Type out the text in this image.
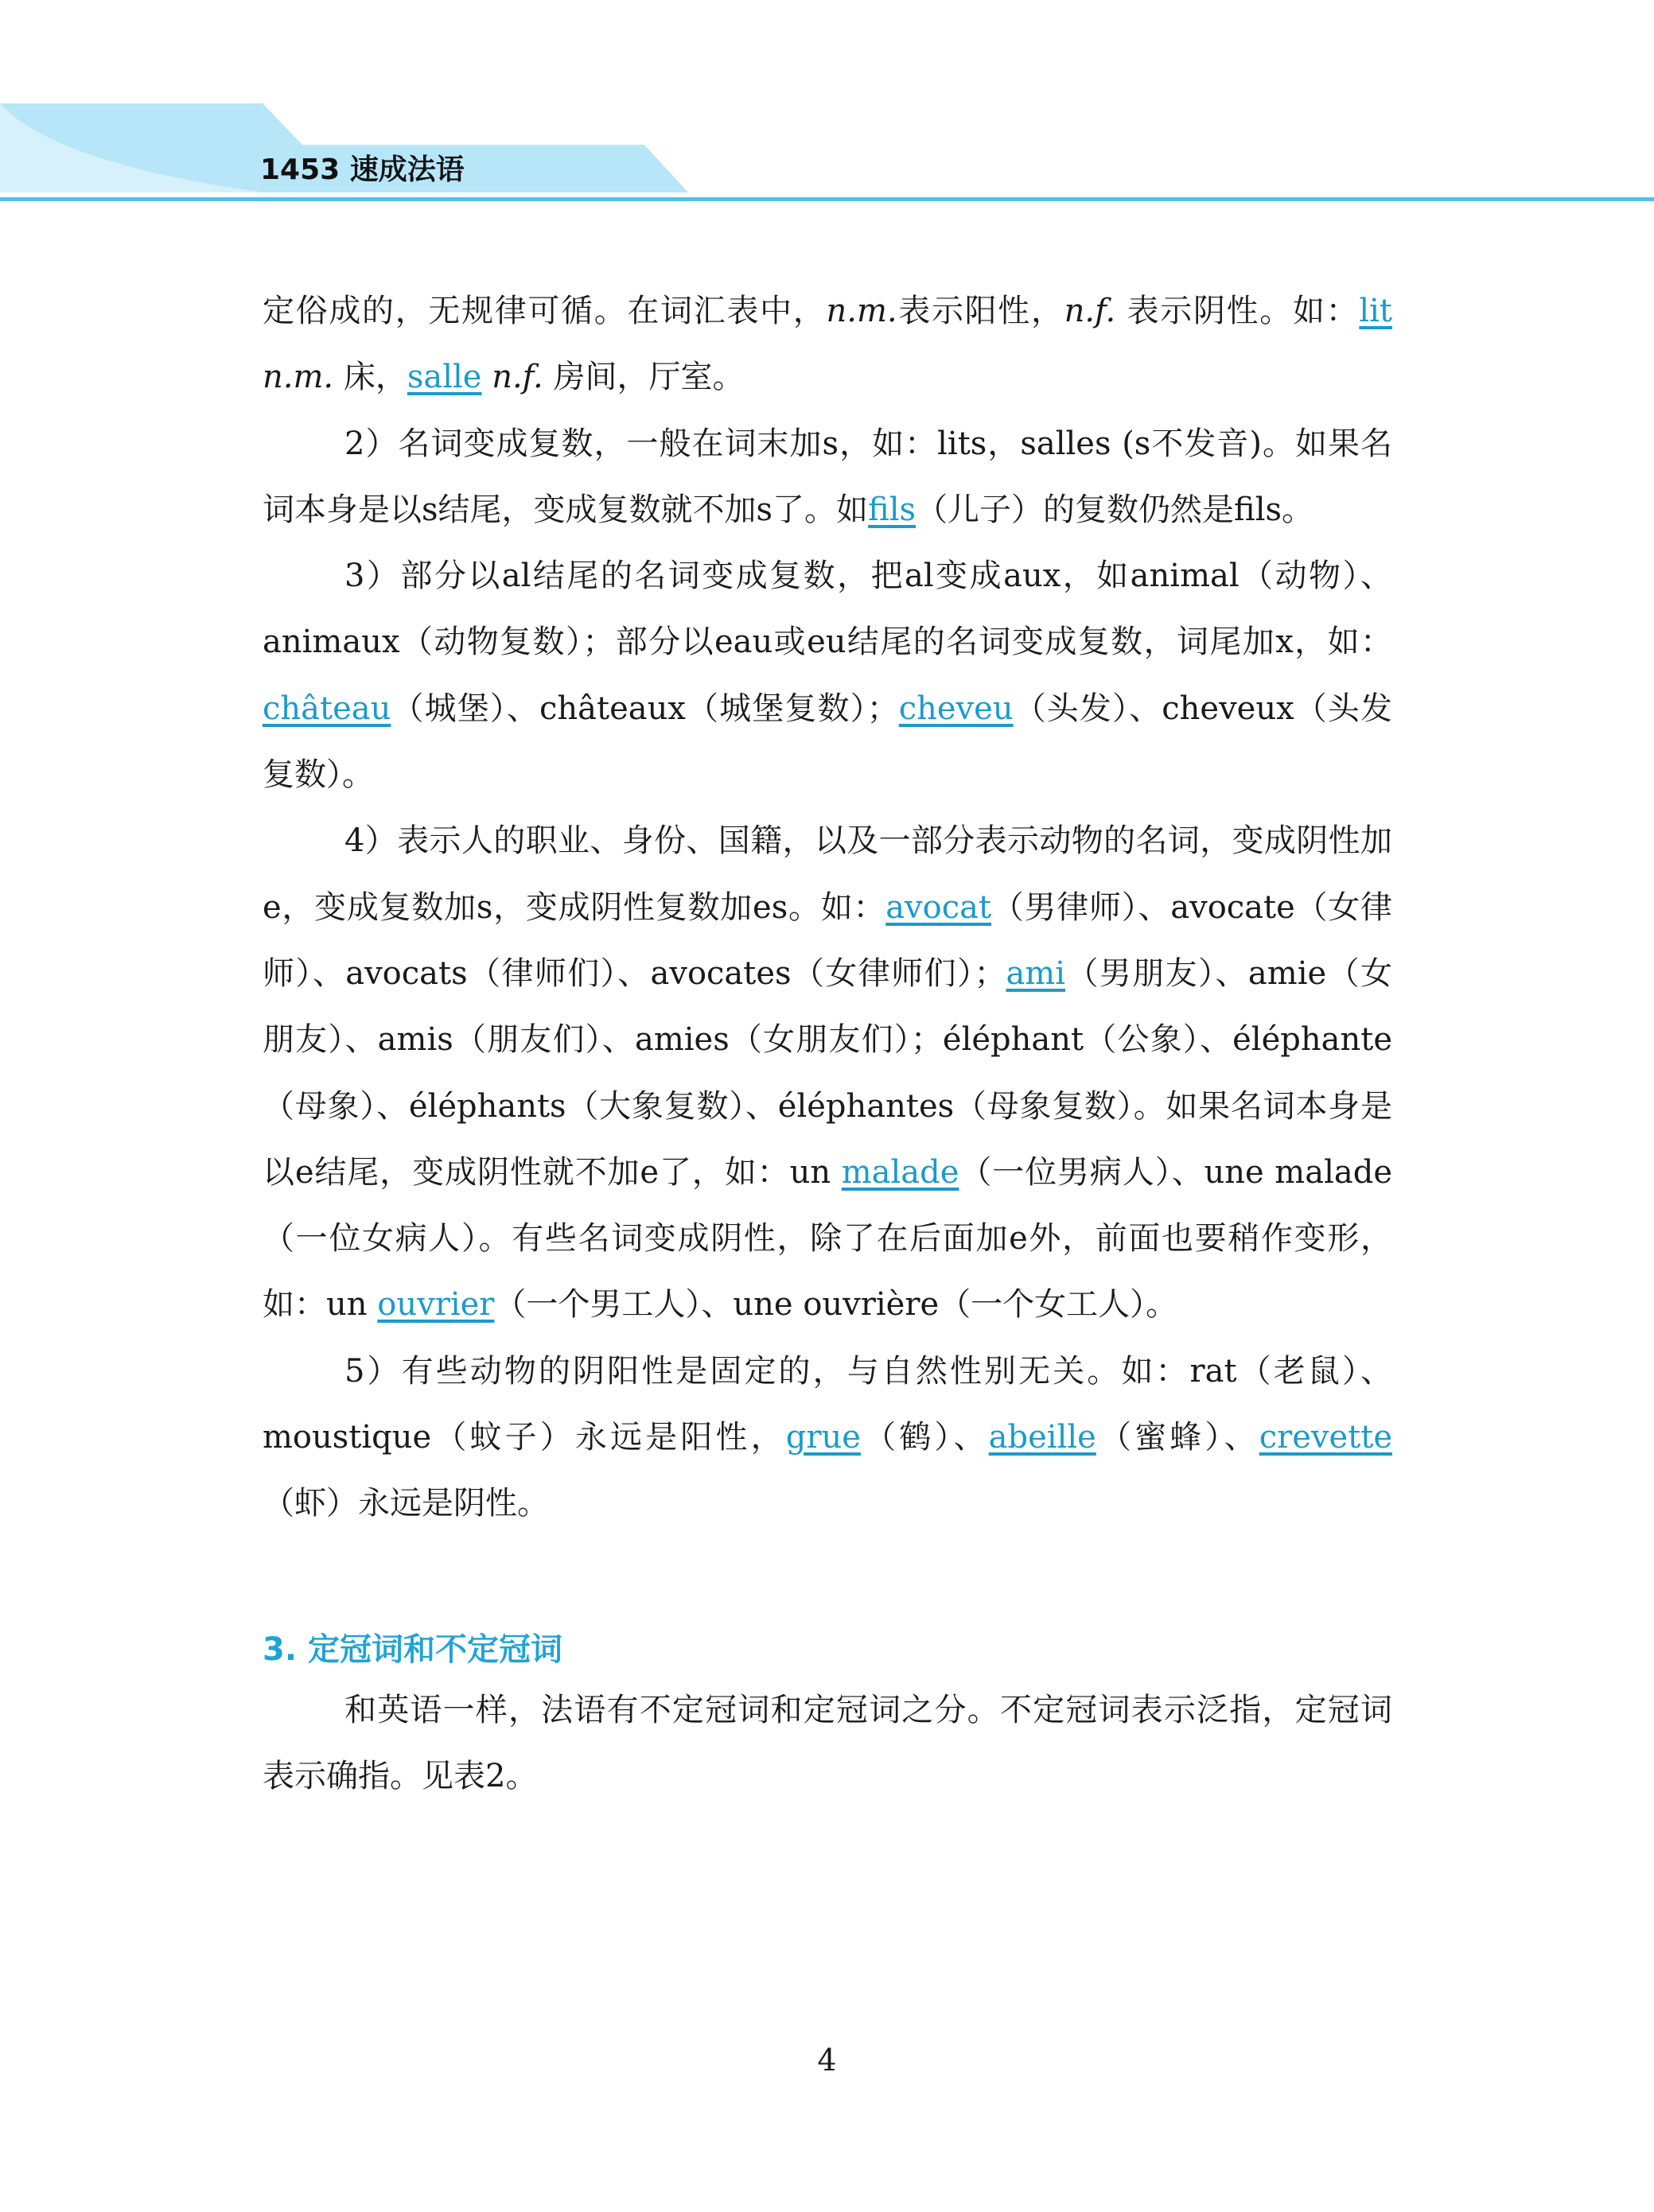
1453 速成法语

定俗成的，无规律可循。在词汇表中，n.m.表示阳性，n.f. 表示阴性。如：lit n.m. 床，salle n.f. 房间，厅室。

2）名词变成复数，一般在词末加s，如：lits，salles (s不发音)。如果名词本身是以s结尾，变成复数就不加s了。如fils（儿子）的复数仍然是fils。

3）部分以al结尾的名词变成复数，把al变成aux，如animal（动物）、animaux（动物复数）；部分以eau或eu结尾的名词变成复数，词尾加x，如：château（城堡）、châteaux（城堡复数）；cheveu（头发）、cheveux（头发复数）。

4）表示人的职业、身份、国籍，以及一部分表示动物的名词，变成阴性加e，变成复数加s，变成阴性复数加es。如：avocat（男律师）、avocate（女律师）、avocats（律师们）、avocates（女律师们）；ami（男朋友）、amie（女朋友）、amis（朋友们）、amies（女朋友们）；éléphant（公象）、éléphante（母象）、éléphants（大象复数）、éléphantes（母象复数）。如果名词本身是以e结尾，变成阴性就不加e了，如：un malade（一位男病人）、une malade（一位女病人）。有些名词变成阴性，除了在后面加e外，前面也要稍作变形，如：un ouvrier（一个男工人）、une ouvrière（一个女工人）。

5）有些动物的阴阳性是固定的，与自然性别无关。如：rat（老鼠）、moustique（蚊子）永远是阳性，grue（鹤）、abeille（蜜蜂）、crevette（虾）永远是阴性。

3. 定冠词和不定冠词

和英语一样，法语有不定冠词和定冠词之分。不定冠词表示泛指，定冠词表示确指。见表2。

4
